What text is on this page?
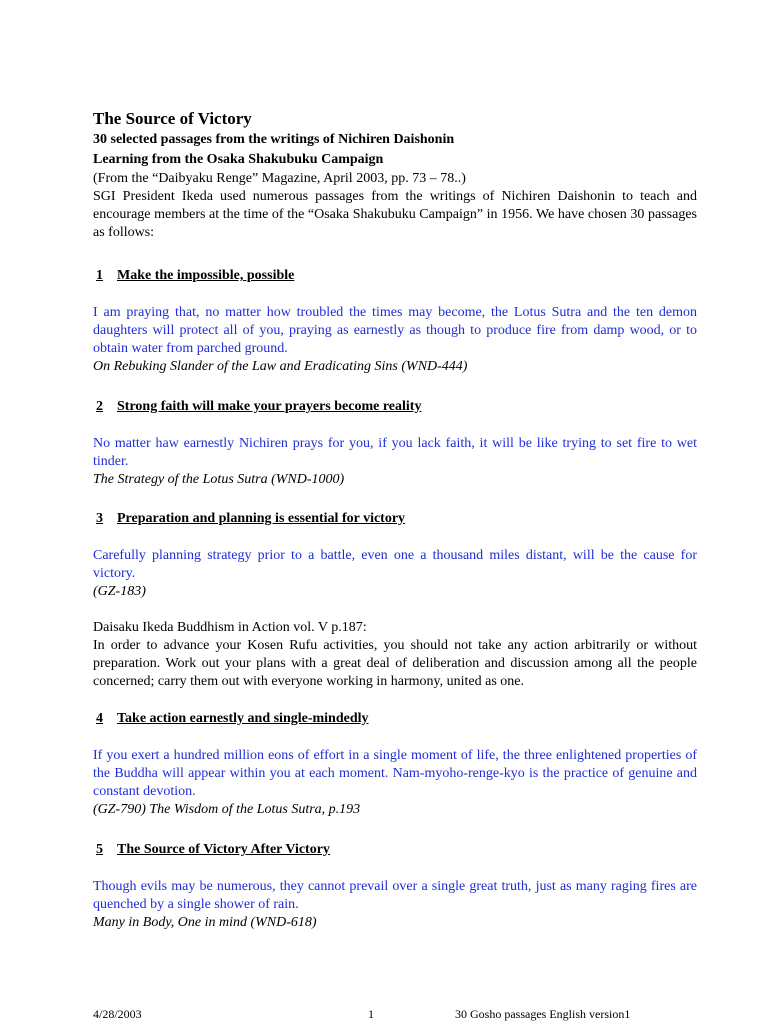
The Source of Victory

30 selected passages from the writings of Nichiren Daishonin

Learning from the Osaka Shakubuku Campaign

(From the “Daibyaku Renge” Magazine, April 2003, pp. 73 – 78..)

SGI President Ikeda used numerous passages from the writings of Nichiren Daishonin to teach and encourage members at the time of the “Osaka Shakubuku Campaign” in 1956. We have chosen 30 passages as follows:

1 Make the impossible, possible

I am praying that, no matter how troubled the times may become, the Lotus Sutra and the ten demon daughters will protect all of you, praying as earnestly as though to produce fire from damp wood, or to obtain water from parched ground.

On Rebuking Slander of the Law and Eradicating Sins (WND-444)

2 Strong faith will make your prayers become reality

No matter haw earnestly Nichiren prays for you, if you lack faith, it will be like trying to set fire to wet tinder.

The Strategy of the Lotus Sutra (WND-1000)

3 Preparation and planning is essential for victory

Carefully planning strategy prior to a battle, even one a thousand miles distant, will be the cause for victory.

(GZ-183)

Daisaku Ikeda Buddhism in Action vol. V p.187:

In order to advance your Kosen Rufu activities, you should not take any action arbitrarily or without preparation. Work out your plans with a great deal of deliberation and discussion among all the people concerned; carry them out with everyone working in harmony, united as one.

4 Take action earnestly and single-mindedly

If you exert a hundred million eons of effort in a single moment of life, the three enlightened properties of the Buddha will appear within you at each moment. Nam-myoho-renge-kyo is the practice of genuine and constant devotion.

(GZ-790) The Wisdom of the Lotus Sutra, p.193

5 The Source of Victory After Victory

Though evils may be numerous, they cannot prevail over a single great truth, just as many raging fires are quenched by a single shower of rain.

Many in Body, One in mind (WND-618)

4/28/2003	1	30 Gosho passages English version1
